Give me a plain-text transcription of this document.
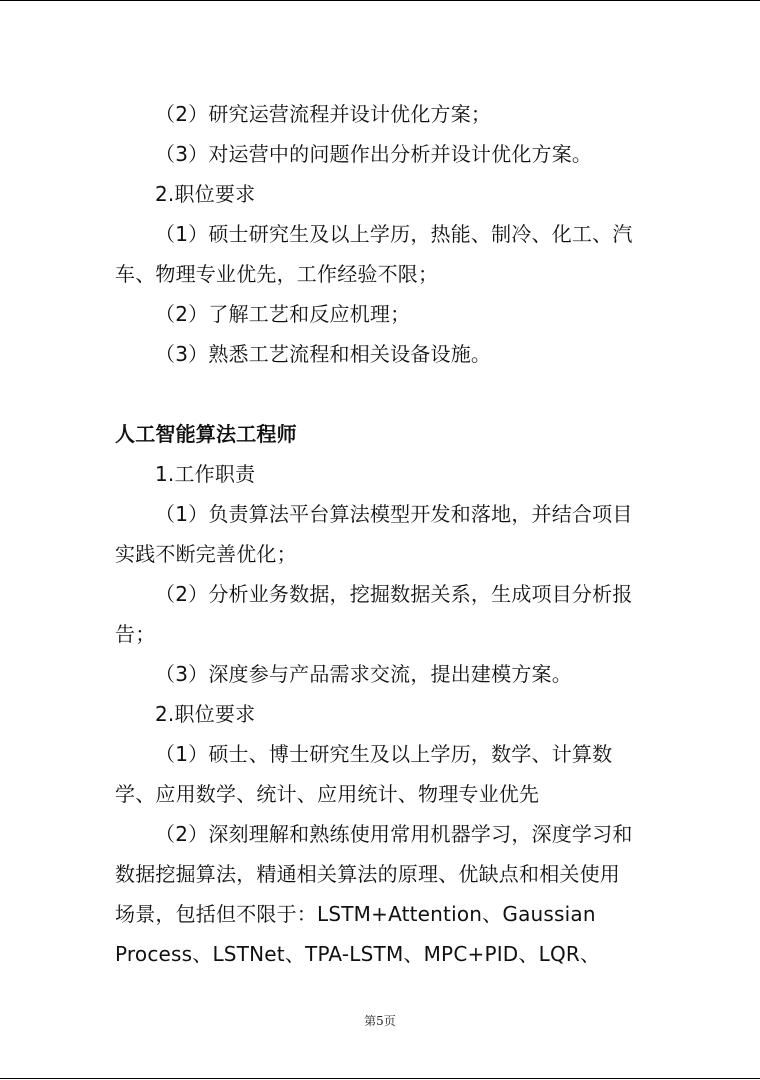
（2）研究运营流程并设计优化方案；
（3）对运营中的问题作出分析并设计优化方案。
2.职位要求
（1）硕士研究生及以上学历，热能、制冷、化工、汽
车、物理专业优先，工作经验不限；
（2）了解工艺和反应机理；
（3）熟悉工艺流程和相关设备设施。
人工智能算法工程师
1.工作职责
（1）负责算法平台算法模型开发和落地，并结合项目
实践不断完善优化；
（2）分析业务数据，挖掘数据关系，生成项目分析报
告；
（3）深度参与产品需求交流，提出建模方案。
2.职位要求
（1）硕士、博士研究生及以上学历，数学、计算数
学、应用数学、统计、应用统计、物理专业优先
（2）深刻理解和熟练使用常用机器学习，深度学习和
数据挖掘算法，精通相关算法的原理、优缺点和相关使用
场景，包括但不限于：LSTM+Attention、Gaussian
Process、LSTNet、TPA-LSTM、MPC+PID、LQR、
第5页
